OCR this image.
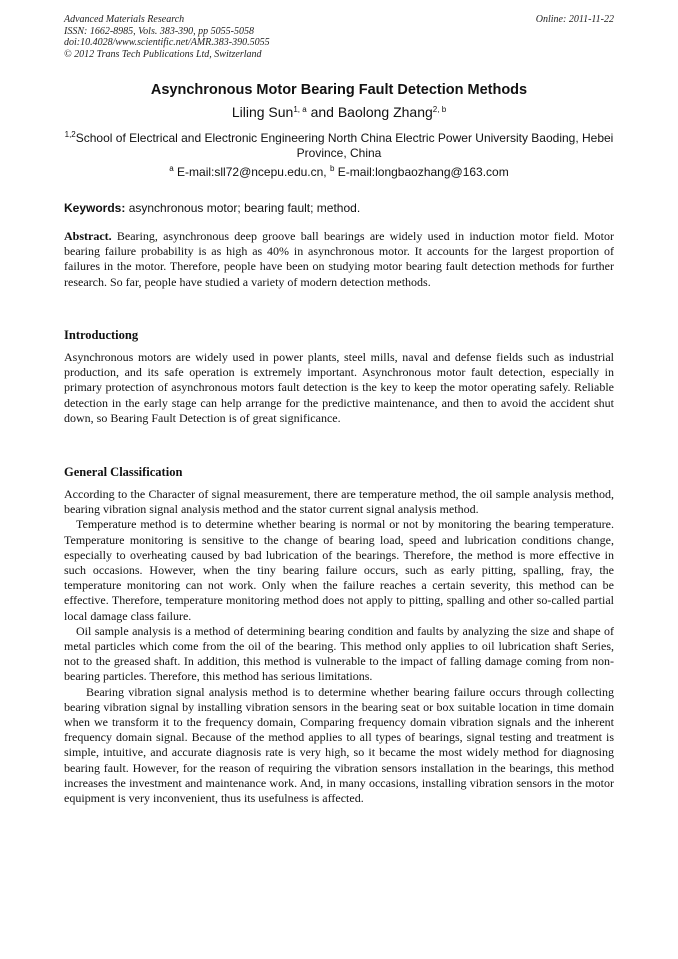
Advanced Materials Research
ISSN: 1662-8985, Vols. 383-390, pp 5055-5058
doi:10.4028/www.scientific.net/AMR.383-390.5055
© 2012 Trans Tech Publications Ltd, Switzerland
Online: 2011-11-22
Asynchronous Motor Bearing Fault Detection Methods
Liling Sun$^{1, a}$ and Baolong Zhang$^{2, b}$
$^{1,2}$School of Electrical and Electronic Engineering North China Electric Power University Baoding, Hebei Province, China
$^a$ E-mail:sll72@ncepu.edu.cn, $^b$ E-mail:longbaozhang@163.com
Keywords: asynchronous motor; bearing fault; method.
Abstract. Bearing, asynchronous deep groove ball bearings are widely used in induction motor field. Motor bearing failure probability is as high as 40% in asynchronous motor. It accounts for the largest proportion of failures in the motor. Therefore, people have been on studying motor bearing fault detection methods for further research. So far, people have studied a variety of modern detection methods.
Introductiong
Asynchronous motors are widely used in power plants, steel mills, naval and defense fields such as industrial production, and its safe operation is extremely important. Asynchronous motor fault detection, especially in primary protection of asynchronous motors fault detection is the key to keep the motor operating safely. Reliable detection in the early stage can help arrange for the predictive maintenance, and then to avoid the accident shut down, so Bearing Fault Detection is of great significance.
General Classification

According to the Character of signal measurement, there are temperature method, the oil sample analysis method, bearing vibration signal analysis method and the stator current signal analysis method.

Temperature method is to determine whether bearing is normal or not by monitoring the bearing temperature. Temperature monitoring is sensitive to the change of bearing load, speed and lubrication conditions change, especially to overheating caused by bad lubrication of the bearings. Therefore, the method is more effective in such occasions. However, when the tiny bearing failure occurs, such as early pitting, spalling, fray, the temperature monitoring can not work. Only when the failure reaches a certain severity, this method can be effective. Therefore, temperature monitoring method does not apply to pitting, spalling and other so-called partial local damage class failure.

Oil sample analysis is a method of determining bearing condition and faults by analyzing the size and shape of metal particles which come from the oil of the bearing. This method only applies to oil lubrication shaft Series, not to the greased shaft. In addition, this method is vulnerable to the impact of falling damage coming from non-bearing particles. Therefore, this method has serious limitations.

Bearing vibration signal analysis method is to determine whether bearing failure occurs through collecting bearing vibration signal by installing vibration sensors in the bearing seat or box suitable location in time domain when we transform it to the frequency domain, Comparing frequency domain vibration signals and the inherent frequency domain signal. Because of the method applies to all types of bearings, signal testing and treatment is simple, intuitive, and accurate diagnosis rate is very high, so it became the most widely method for diagnosing bearing fault. However, for the reason of requiring the vibration sensors installation in the bearings, this method increases the investment and maintenance work. And, in many occasions, installing vibration sensors in the motor equipment is very inconvenient, thus its usefulness is affected.
